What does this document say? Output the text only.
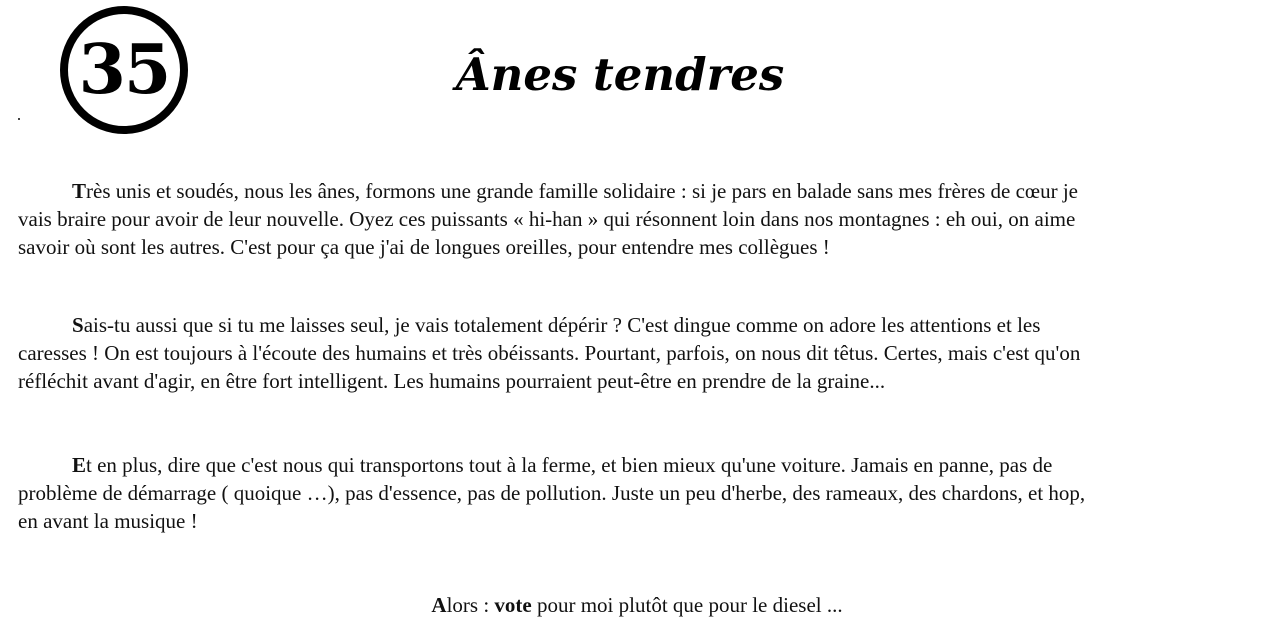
35	Ânes tendres

Très unis et soudés, nous les ânes, formons une grande famille solidaire : si je pars en balade sans mes frères de cœur je vais braire pour avoir de leur nouvelle. Oyez ces puissants « hi-han » qui résonnent loin dans nos montagnes : eh oui, on aime savoir où sont les autres. C'est pour ça que j'ai de longues oreilles, pour entendre mes collègues !

Sais-tu aussi que si tu me laisses seul, je vais totalement dépérir ? C'est dingue comme on adore les attentions et les caresses ! On est toujours à l'écoute des humains et très obéissants. Pourtant, parfois, on nous dit têtus. Certes, mais c'est qu'on réfléchit avant d'agir, en être fort intelligent. Les humains pourraient peut-être en prendre de la graine...

Et en plus, dire que c'est nous qui transportons tout à la ferme, et bien mieux qu'une voiture. Jamais en panne, pas de problème de démarrage ( quoique …), pas d'essence, pas de pollution. Juste un peu d'herbe, des rameaux, des chardons, et hop, en avant la musique !

Alors : vote pour moi plutôt que pour le diesel ...
